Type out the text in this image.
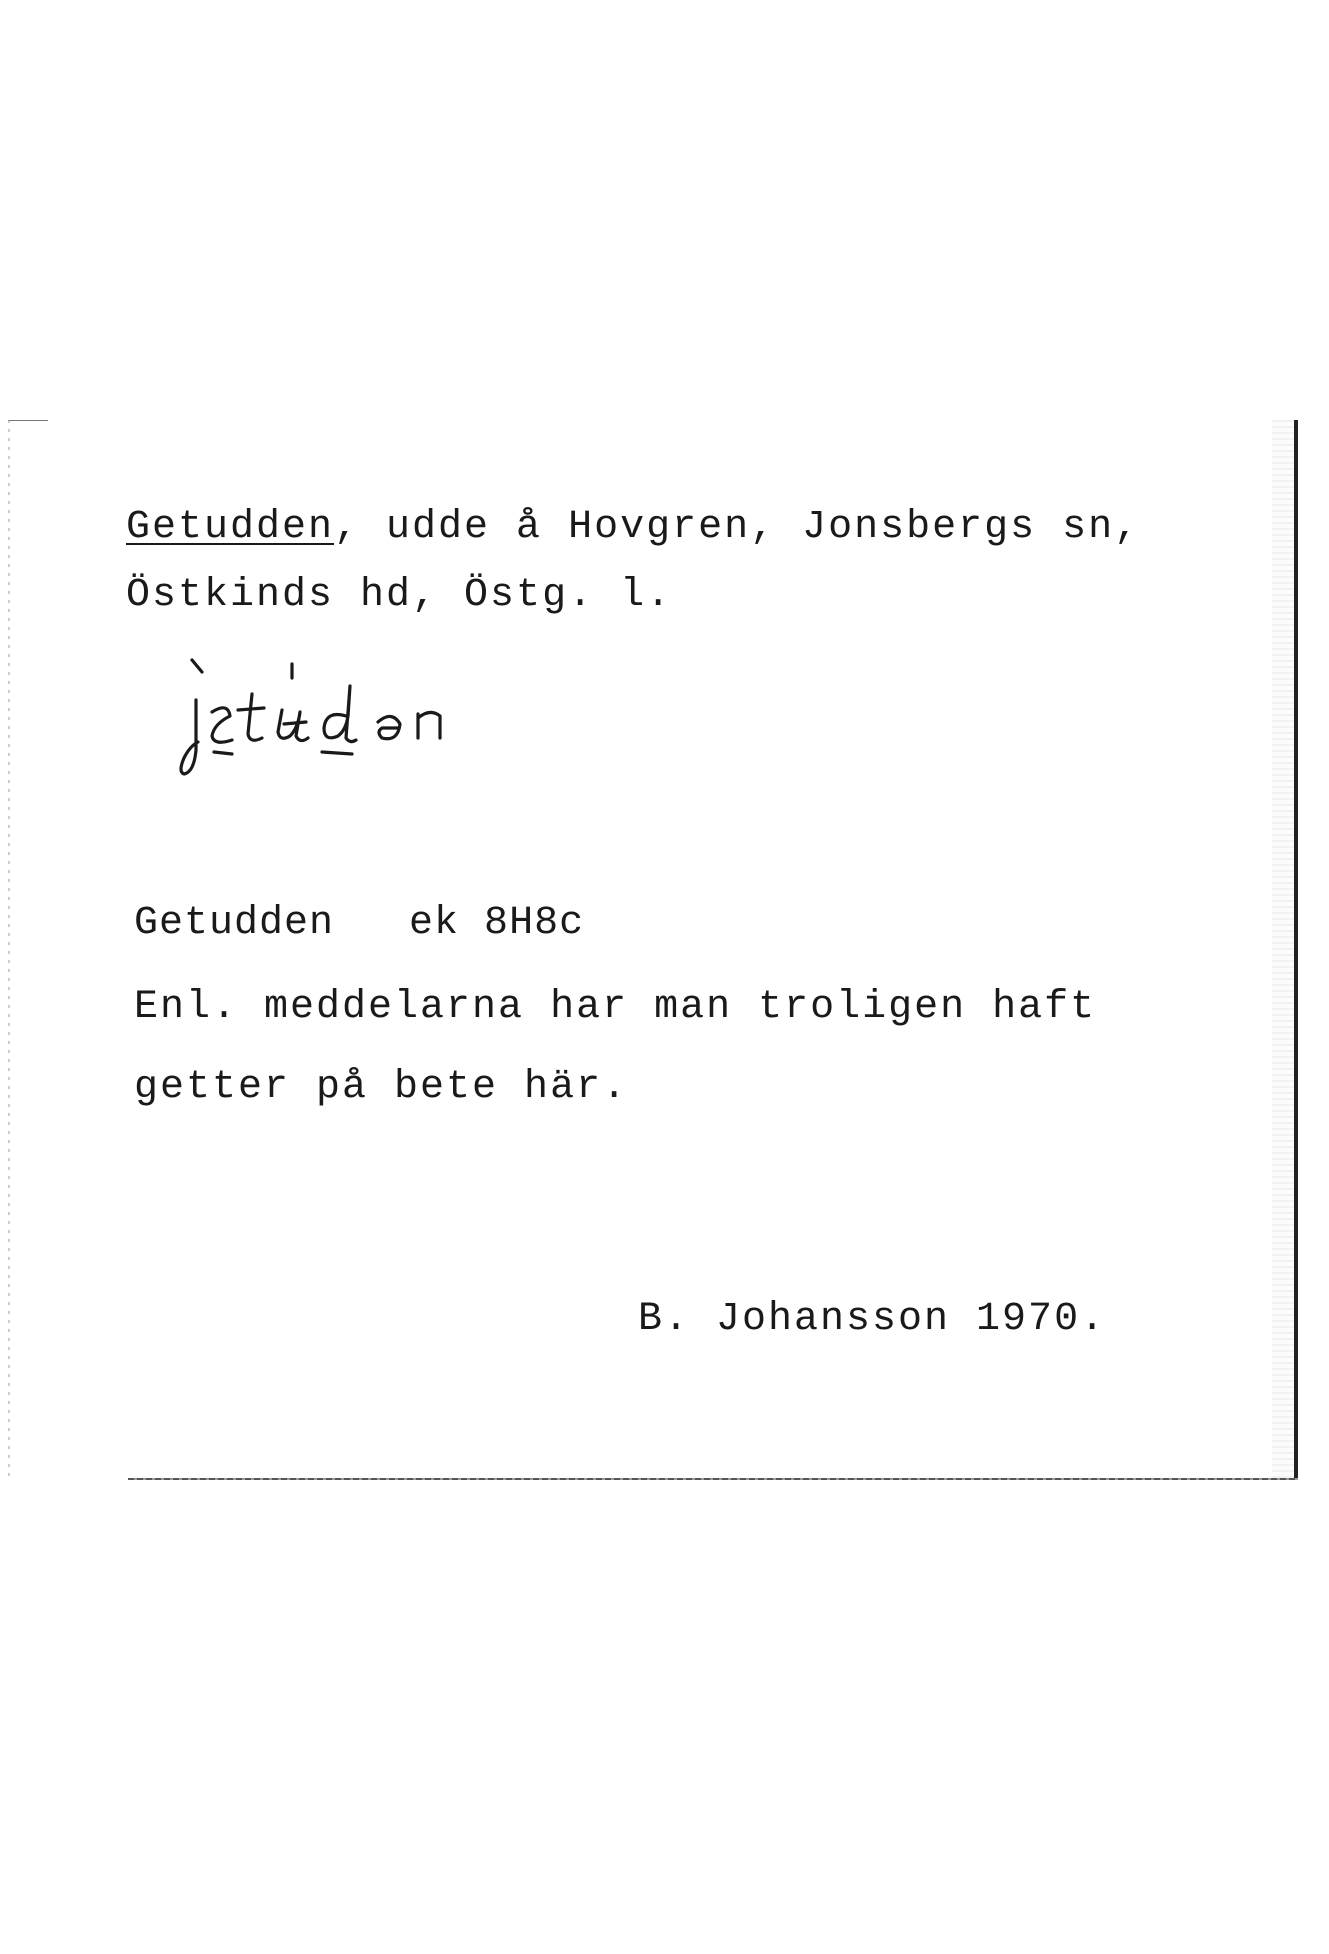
Getudden, udde å Hovgren, Jonsbergs sn,
Östkinds hd, Östg. l.
Getudden ek 8H8c
Enl. meddelarna har man troligen haft
getter på bete här.
B. Johansson 1970.
